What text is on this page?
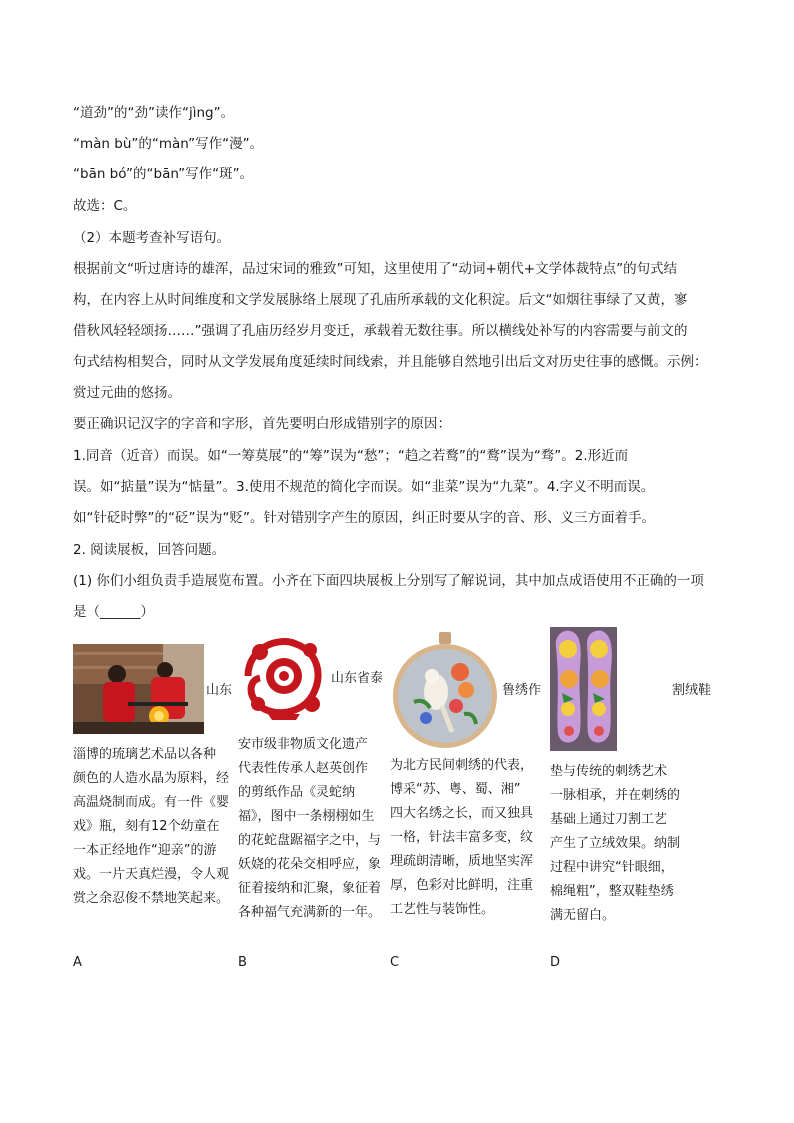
“道劲”的“劲”读作“jìng”。
“màn bù”的“màn”写作“漫”。
“bān bó”的“bān”写作“斑”。
故选：C。
（2）本题考查补写语句。
根据前文“听过唐诗的雄浑，品过宋词的雅致”可知，这里使用了“动词+朝代+文学体裁特点”的句式结
构，在内容上从时间维度和文学发展脉络上展现了孔庙所承载的文化积淀。后文“如烟往事绿了又黄，寥
借秋风轻轻颂扬……”强调了孔庙历经岁月变迁，承载着无数往事。所以横线处补写的内容需要与前文的
句式结构相契合，同时从文学发展角度延续时间线索，并且能够自然地引出后文对历史往事的感慨。示例：
赏过元曲的悠扬。
要正确识记汉字的字音和字形，首先要明白形成错别字的原因：
1.同音（近音）而误。如“一筹莫展”的“筹”误为“愁”；“趋之若鹜”的“鹜”误为“骛”。2.形近而
误。如“掂量”误为“惦量”。3.使用不规范的简化字而误。如“韭菜”误为“九菜”。4.字义不明而误。
如“针砭时弊”的“砭”误为“贬”。针对错别字产生的原因，纠正时要从字的音、形、义三方面着手。
2. 阅读展板，回答问题。
(1) 你们小组负责手造展览布置。小齐在下面四块展板上分别写了解说词，其中加点成语使用不正确的一项
是（______）
山东
淄博的琉璃艺术品以各种
颜色的人造水晶为原料，经
高温烧制而成。有一件《婴
戏》瓶，刻有12个幼童在
一本正经地作“迎亲”的游
戏。一片天真烂漫，令人观
赏之余忍俊不禁地笑起来。
山东省泰
安市级非物质文化遗产
代表性传承人赵英创作
的剪纸作品《灵蛇纳
福》，图中一条栩栩如生
的花蛇盘踞福字之中，与
妖娆的花朵交相呼应，象
征着接纳和汇聚，象征着
各种福气充满新的一年。
鲁绣作
为北方民间刺绣的代表，
博采“苏、粤、蜀、湘”
四大名绣之长，而又独具
一格，针法丰富多变，纹
理疏朗清晰，质地坚实浑
厚，色彩对比鲜明，注重
工艺性与装饰性。
割绒鞋
垫与传统的刺绣艺术
一脉相承，并在刺绣的
基础上通过刀割工艺
产生了立绒效果。纳制
过程中讲究“针眼细，
棉绳粗”，整双鞋垫绣
满无留白。
A	B	C	D
